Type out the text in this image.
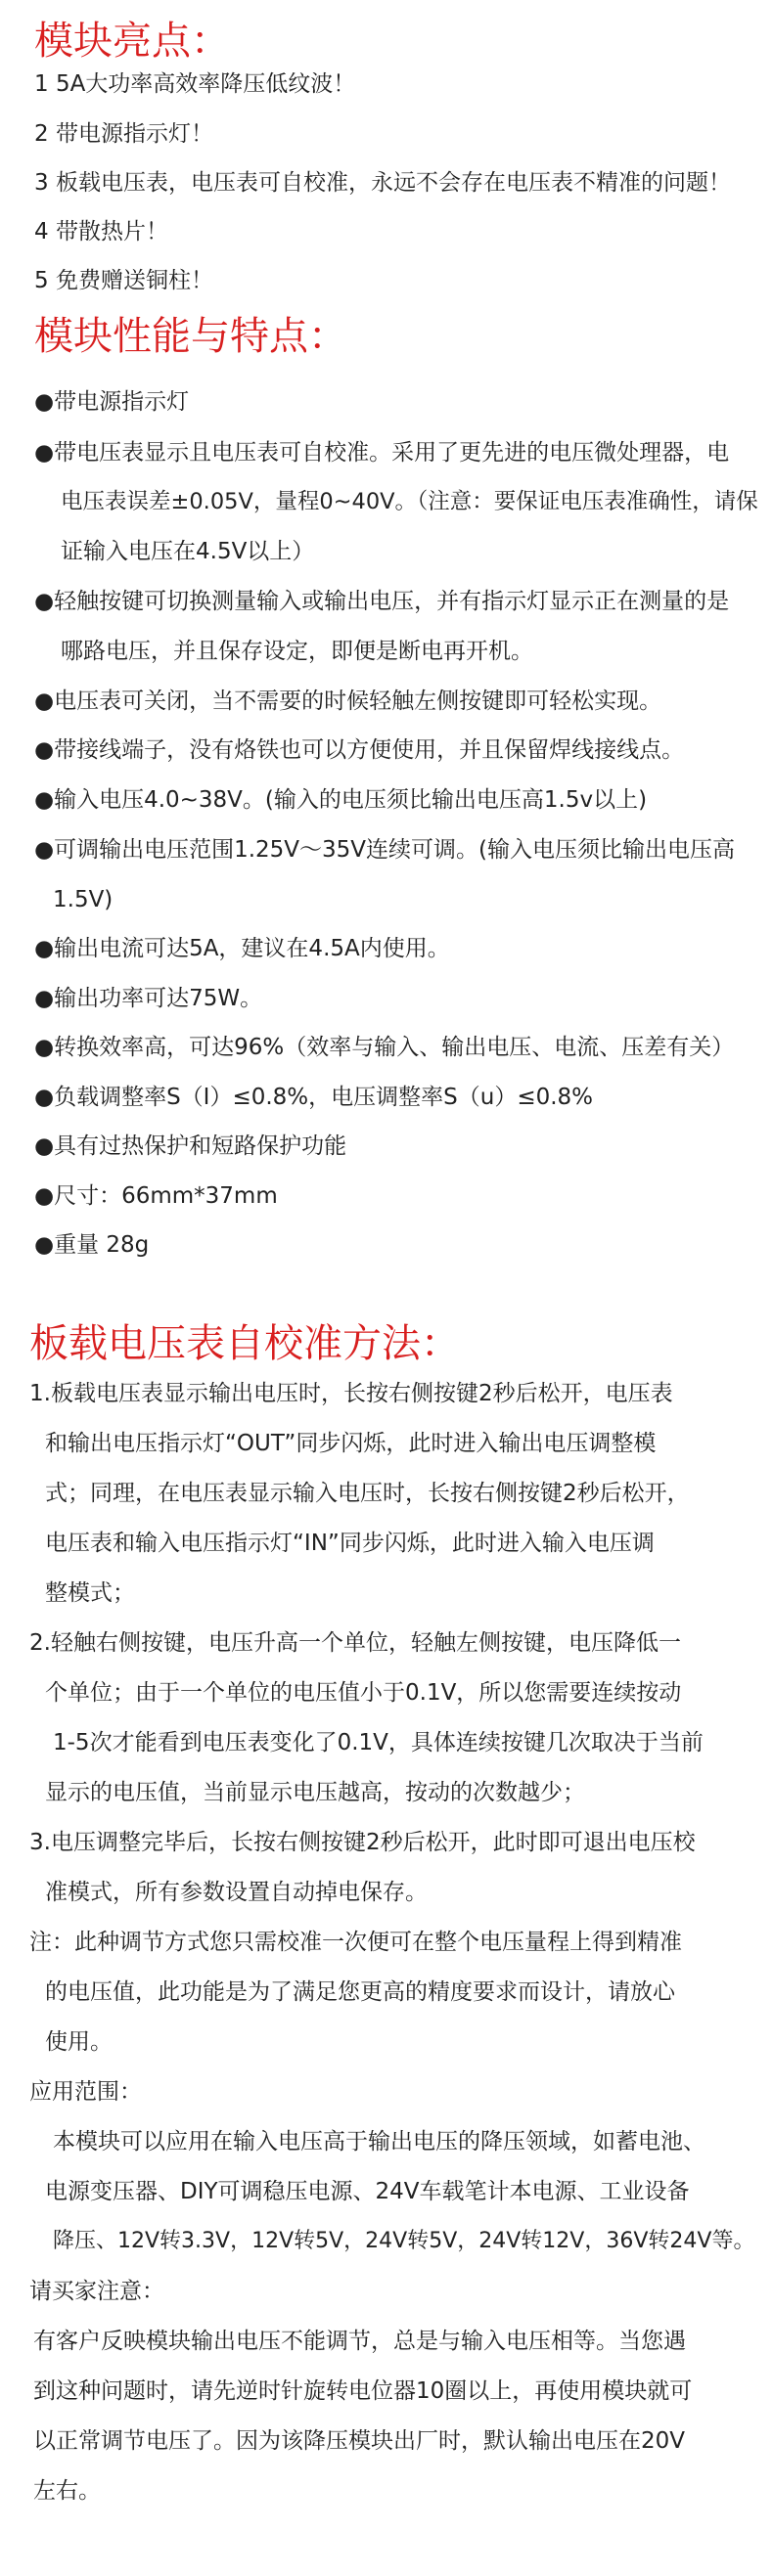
模块亮点：
1 5A大功率高效率降压低纹波！
2 带电源指示灯！
3 板载电压表，电压表可自校准，永远不会存在电压表不精准的问题！
4 带散热片！
5 免费赠送铜柱！
模块性能与特点：
●带电源指示灯
●带电压表显示且电压表可自校准。采用了更先进的电压微处理器，电
电压表误差±0.05V，量程0~40V。（注意：要保证电压表准确性，请保
证输入电压在4.5V以上）
●轻触按键可切换测量输入或输出电压，并有指示灯显示正在测量的是
哪路电压，并且保存设定，即便是断电再开机。
●电压表可关闭，当不需要的时候轻触左侧按键即可轻松实现。
●带接线端子，没有烙铁也可以方便使用，并且保留焊线接线点。
●输入电压4.0~38V。(输入的电压须比输出电压高1.5v以上)
●可调输出电压范围1.25V～35V连续可调。(输入电压须比输出电压高
1.5V)
●输出电流可达5A，建议在4.5A内使用。
●输出功率可达75W。
●转换效率高，可达96%（效率与输入、输出电压、电流、压差有关）
●负载调整率S（I）≤0.8%，电压调整率S（u）≤0.8%
●具有过热保护和短路保护功能
●尺寸：66mm*37mm
●重量 28g
板载电压表自校准方法：
1.板载电压表显示输出电压时，长按右侧按键2秒后松开，电压表
和输出电压指示灯“OUT”同步闪烁，此时进入输出电压调整模
式；同理，在电压表显示输入电压时，长按右侧按键2秒后松开，
电压表和输入电压指示灯“IN”同步闪烁，此时进入输入电压调
整模式；
2.轻触右侧按键，电压升高一个单位，轻触左侧按键，电压降低一
个单位；由于一个单位的电压值小于0.1V，所以您需要连续按动
1-5次才能看到电压表变化了0.1V，具体连续按键几次取决于当前
显示的电压值，当前显示电压越高，按动的次数越少；
3.电压调整完毕后，长按右侧按键2秒后松开，此时即可退出电压校
准模式，所有参数设置自动掉电保存。
注：此种调节方式您只需校准一次便可在整个电压量程上得到精准
的电压值，此功能是为了满足您更高的精度要求而设计，请放心
使用。
应用范围：
本模块可以应用在输入电压高于输出电压的降压领域，如蓄电池、
电源变压器、DIY可调稳压电源、24V车载笔计本电源、工业设备
降压、12V转3.3V，12V转5V，24V转5V，24V转12V，36V转24V等。
请买家注意：
有客户反映模块输出电压不能调节，总是与输入电压相等。当您遇
到这种问题时，请先逆时针旋转电位器10圈以上，再使用模块就可
以正常调节电压了。因为该降压模块出厂时，默认输出电压在20V
左右。
